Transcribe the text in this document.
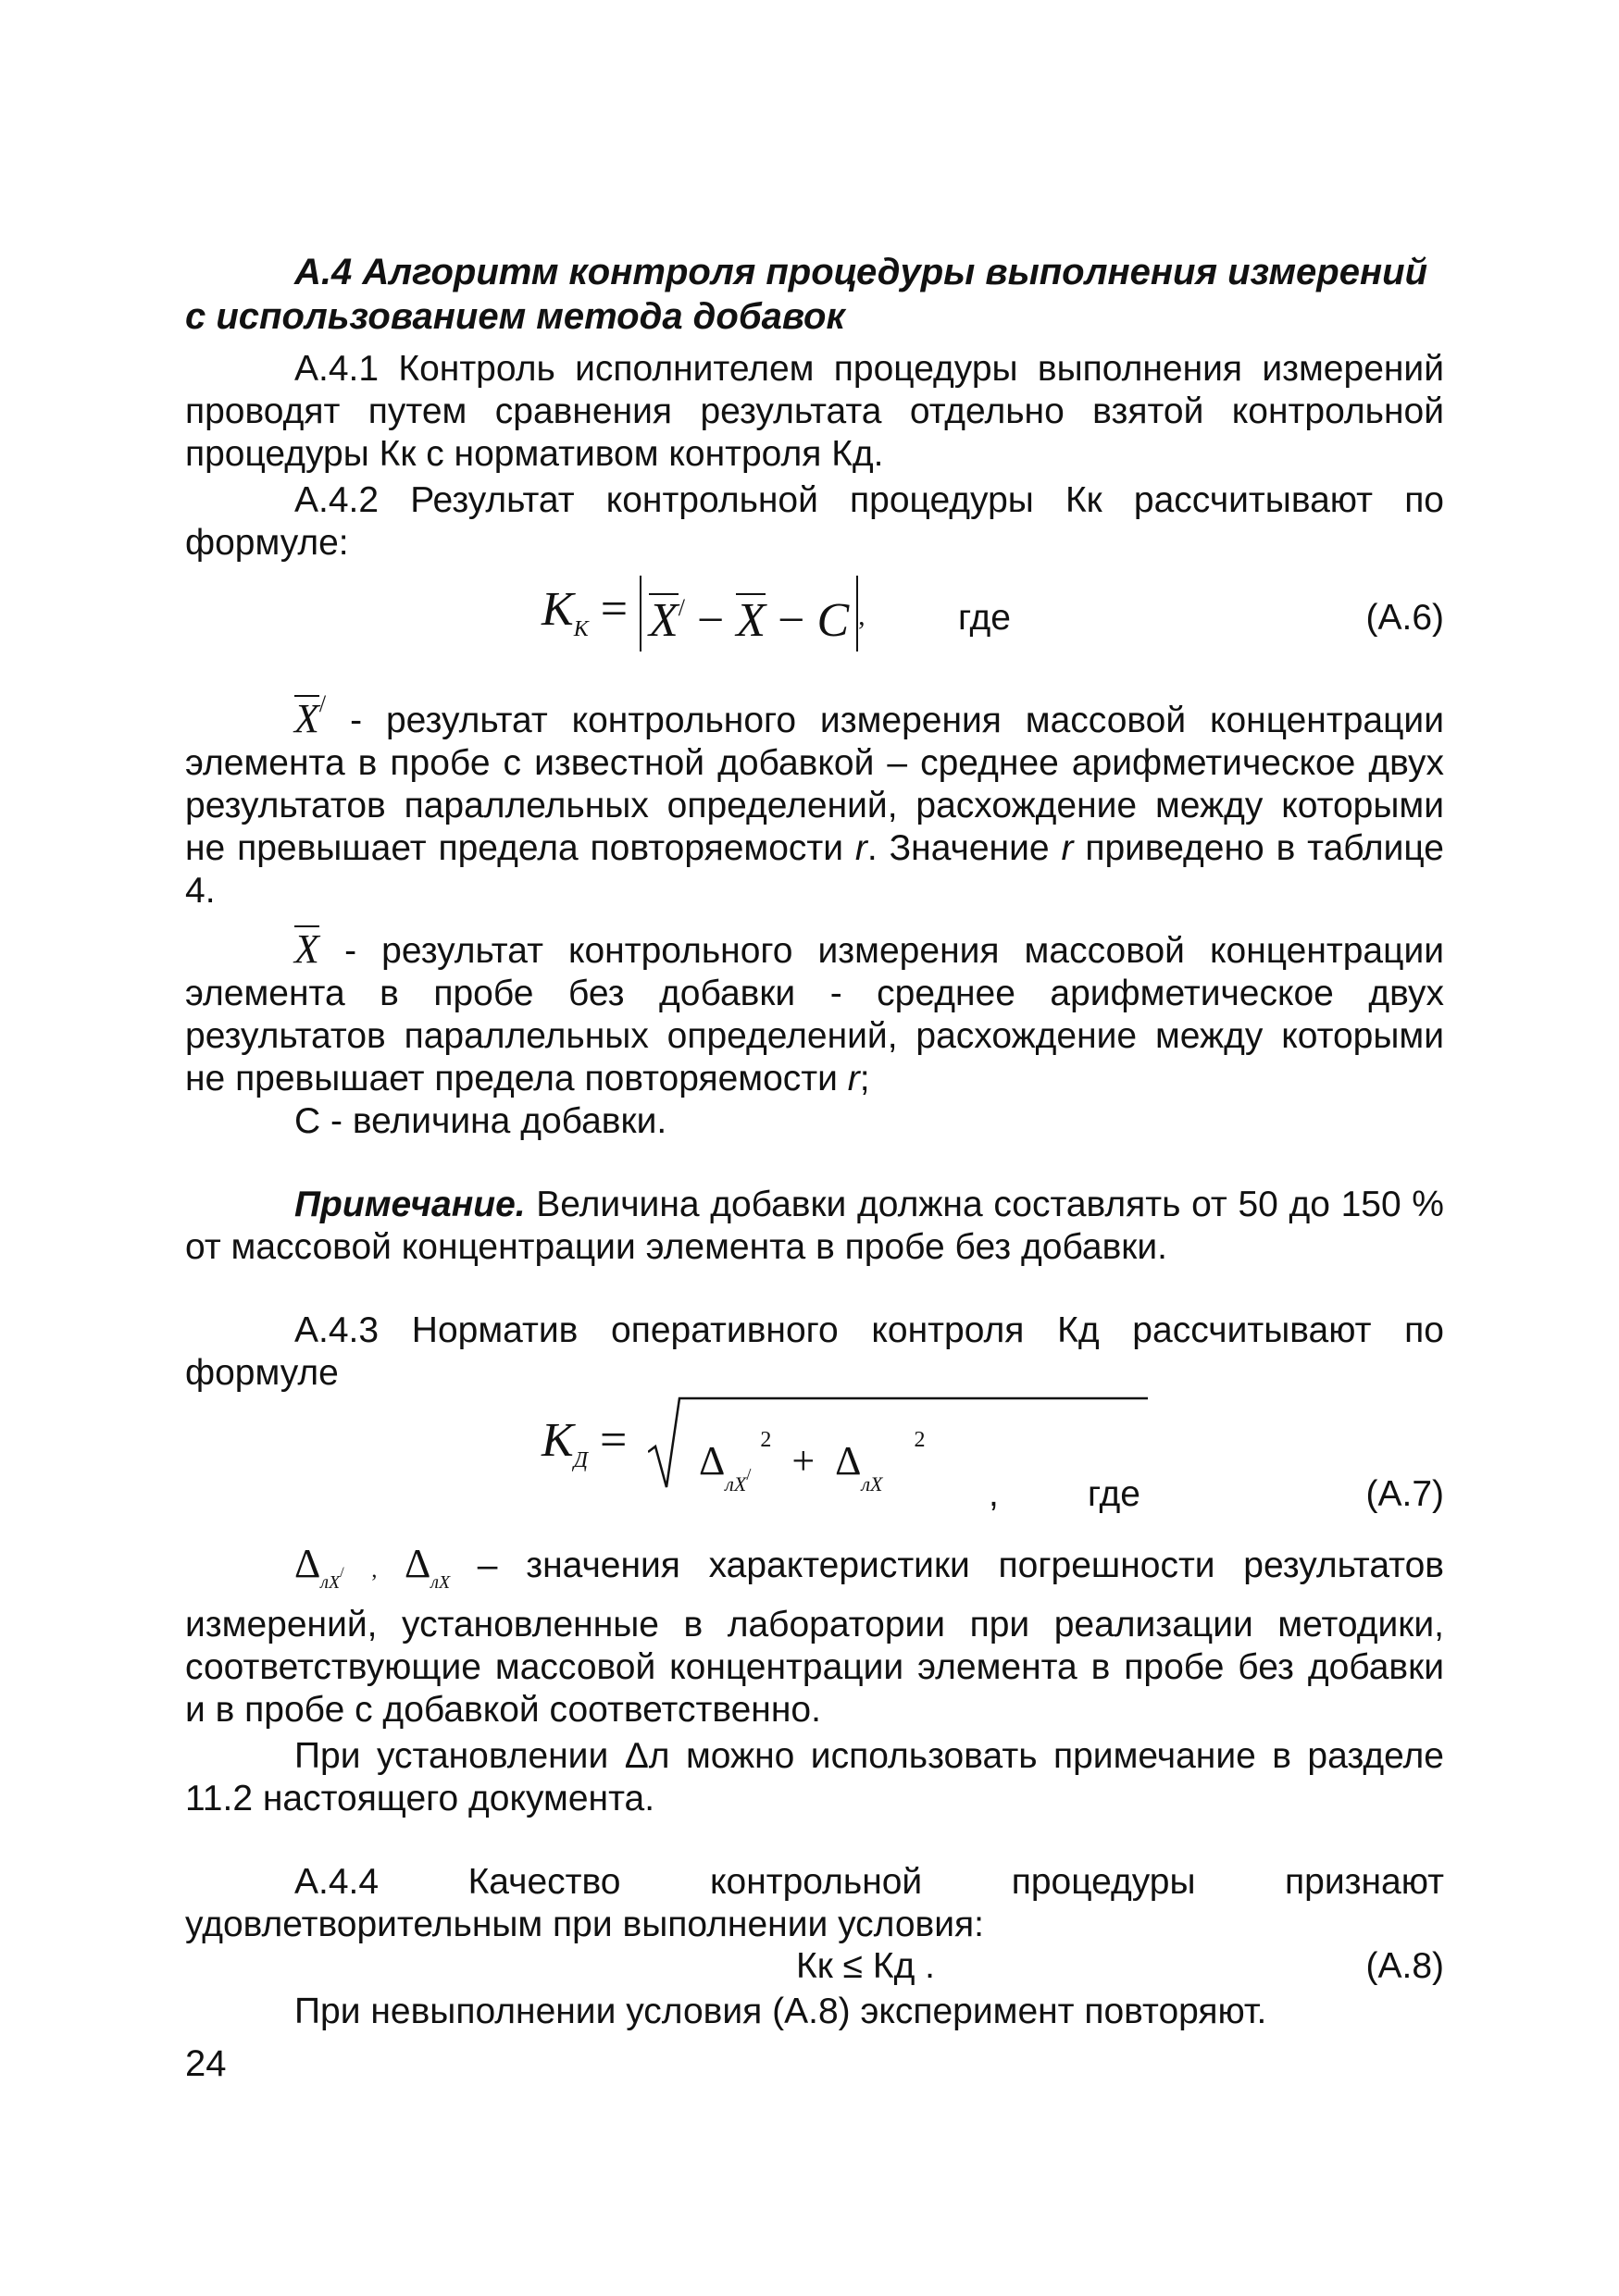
А.4 Алгоритм контроля процедуры выполнения измерений с использованием метода добавок
А.4.1 Контроль исполнителем процедуры выполнения измерений проводят путем сравнения результата отдельно взятой контрольной процедуры Кк с нормативом контроля Кд.
А.4.2 Результат контрольной процедуры Кк рассчитывают по формуле:
$K_K = X^/ - X - C$ ,	где	(А.6)
X/ - результат контрольного измерения массовой концентрации элемента в пробе с известной добавкой – среднее арифметическое двух результатов параллельных определений, расхождение между которыми не превышает предела повторяемости r. Значение r приведено в таблице 4.
X - результат контрольного измерения массовой концентрации элемента в пробе без добавки - среднее арифметическое двух результатов параллельных определений, расхождение между которыми не превышает предела повторяемости r;
С - величина добавки.
Примечание. Величина добавки должна составлять от 50 до 150 % от массовой концентрации элемента в пробе без добавки.
А.4.3 Норматив оперативного контроля Кд рассчитывают по формуле
$K_Д = \Delta лX/$ 2 + ΔлX 2
, где	(А.7)
$\Delta_{лX}/$ , $\Delta_{лX}$ – значения характеристики погрешности результатов измерений, установленные в лаборатории при реализации методики, соответствующие массовой концентрации элемента в пробе без добавки и в пробе с добавкой соответственно.
При установлении Δл можно использовать примечание в разделе 11.2 настоящего документа.
А.4.4 Качество контрольной процедуры признают удовлетворительным при выполнении условия:
Кк ≤ Кд .	(А.8)
При невыполнении условия (А.8) эксперимент повторяют.
24
